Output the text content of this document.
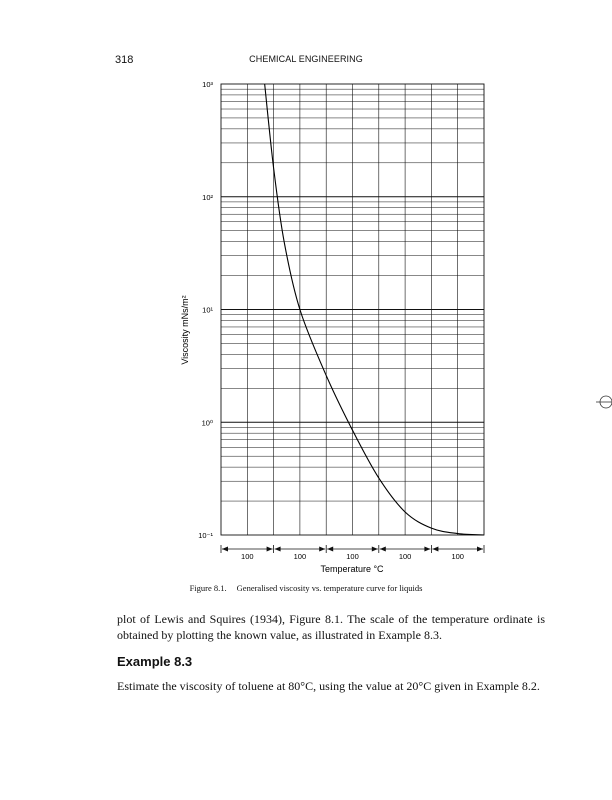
318	CHEMICAL ENGINEERING
10³
10²
10¹
10⁰
10⁻¹
100	100	100	100	100
Viscosity mNs/m²
Temperature °C
Figure 8.1. Generalised viscosity vs. temperature curve for liquids
plot of Lewis and Squires (1934), Figure 8.1. The scale of the temperature ordinate is obtained by plotting the known value, as illustrated in Example 8.3.
Example 8.3
Estimate the viscosity of toluene at 80°C, using the value at 20°C given in Example 8.2.
